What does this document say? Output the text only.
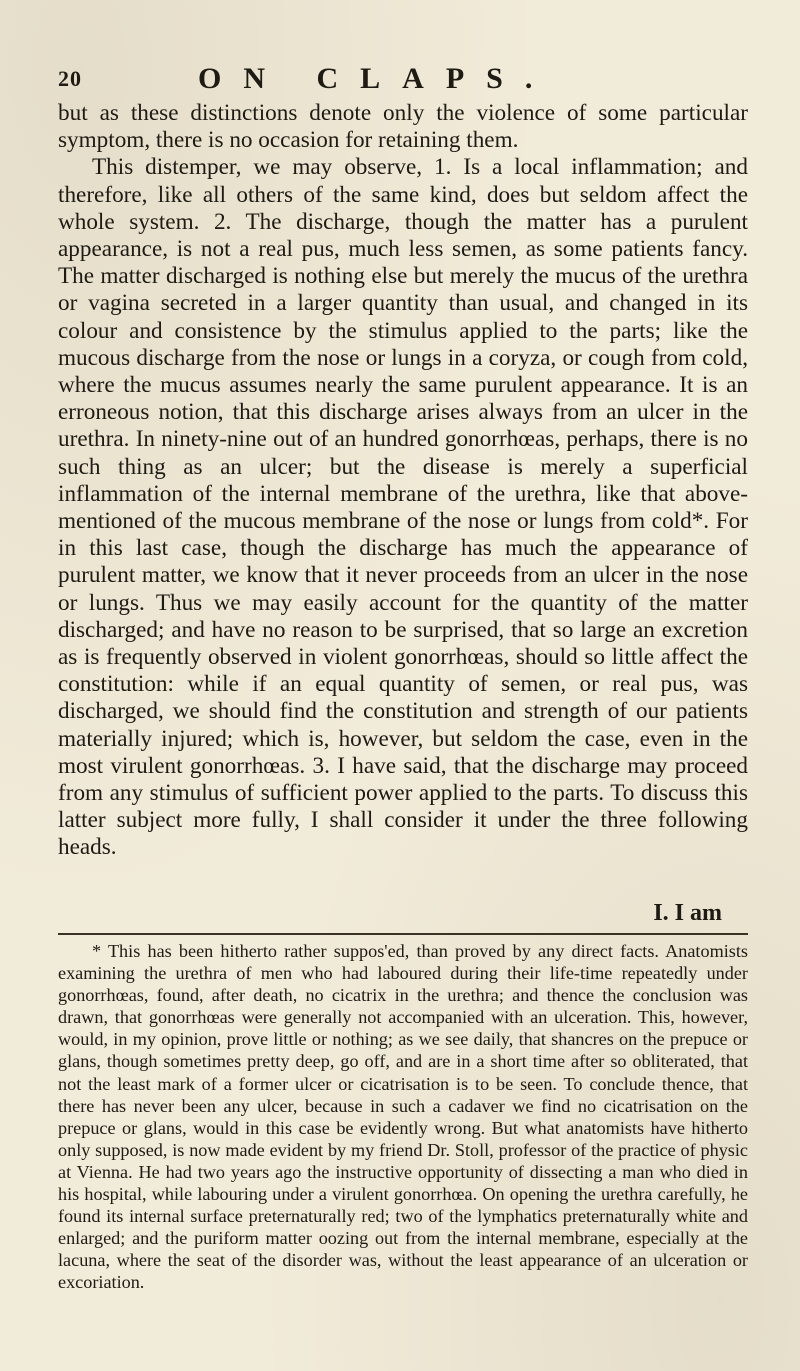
20	ON CLAPS.

but as these distinctions denote only the violence of some particular symptom, there is no occasion for retaining them.

This distemper, we may observe, 1. Is a local inflammation; and therefore, like all others of the same kind, does but seldom affect the whole system. 2. The discharge, though the matter has a purulent appearance, is not a real pus, much less semen, as some patients fancy. The matter discharged is nothing else but merely the mucus of the urethra or vagina secreted in a larger quantity than usual, and changed in its colour and consistence by the stimulus applied to the parts; like the mucous discharge from the nose or lungs in a coryza, or cough from cold, where the mucus assumes nearly the same purulent appearance. It is an erroneous notion, that this discharge arises always from an ulcer in the urethra. In ninety-nine out of an hundred gonorrhœas, perhaps, there is no such thing as an ulcer; but the disease is merely a superficial inflammation of the internal membrane of the urethra, like that above-mentioned of the mucous membrane of the nose or lungs from cold*. For in this last case, though the discharge has much the appearance of purulent matter, we know that it never proceeds from an ulcer in the nose or lungs. Thus we may easily account for the quantity of the matter discharged; and have no reason to be surprised, that so large an excretion as is frequently observed in violent gonorrhœas, should so little affect the constitution: while if an equal quantity of semen, or real pus, was discharged, we should find the constitution and strength of our patients materially injured; which is, however, but seldom the case, even in the most virulent gonorrhœas. 3. I have said, that the discharge may proceed from any stimulus of sufficient power applied to the parts. To discuss this latter subject more fully, I shall consider it under the three following heads.

I. I am

* This has been hitherto rather suppos'ed, than proved by any direct facts. Anatomists examining the urethra of men who had laboured during their life-time repeatedly under gonorrhœas, found, after death, no cicatrix in the urethra; and thence the conclusion was drawn, that gonorrhœas were generally not accompanied with an ulceration. This, however, would, in my opinion, prove little or nothing; as we see daily, that shancres on the prepuce or glans, though sometimes pretty deep, go off, and are in a short time after so obliterated, that not the least mark of a former ulcer or cicatrisation is to be seen. To conclude thence, that there has never been any ulcer, because in such a cadaver we find no cicatrisation on the prepuce or glans, would in this case be evidently wrong. But what anatomists have hitherto only supposed, is now made evident by my friend Dr. Stoll, professor of the practice of physic at Vienna. He had two years ago the instructive opportunity of dissecting a man who died in his hospital, while labouring under a virulent gonorrhœa. On opening the urethra carefully, he found its internal surface preternaturally red; two of the lymphatics preternaturally white and enlarged; and the puriform matter oozing out from the internal membrane, especially at the lacuna, where the seat of the disorder was, without the least appearance of an ulceration or excoriation.
